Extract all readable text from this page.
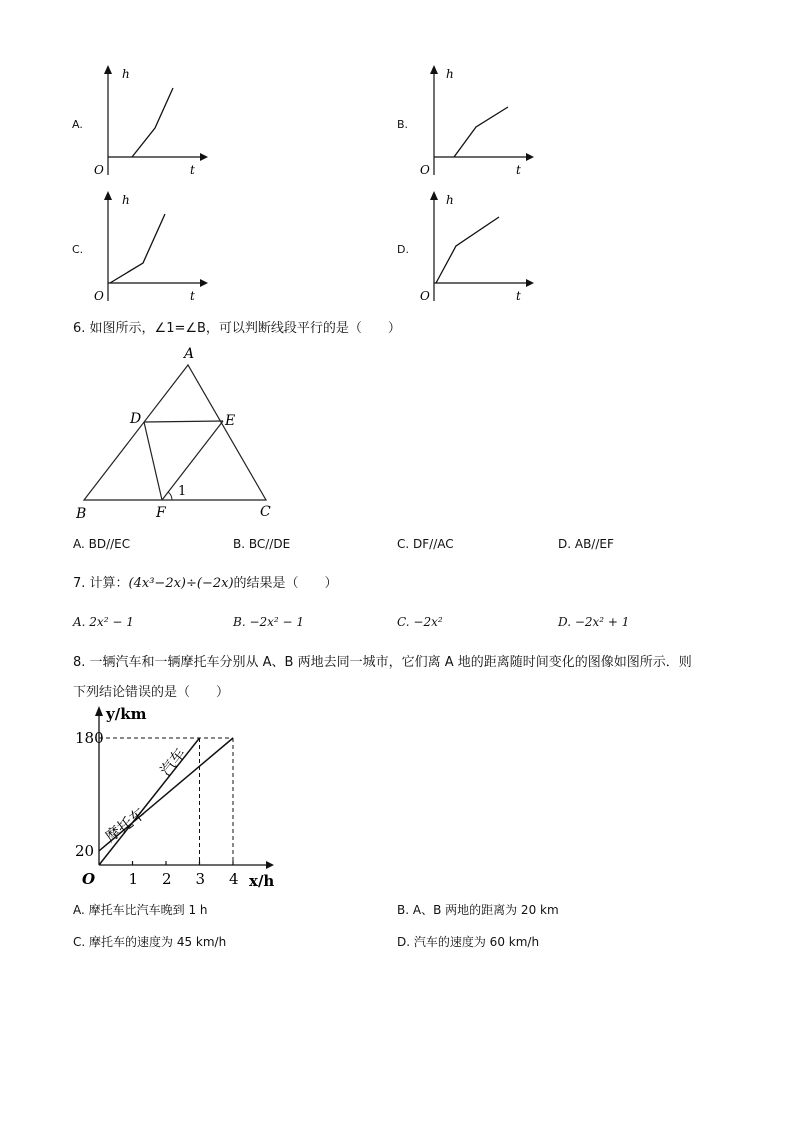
A.
h
t
O
B.
h
t
O
C.
h
t
O
D.
h
t
O
6. 如图所示，∠1=∠B，可以判断线段平行的是（　　）
A
D	E
B	F	C
1
A. BD//EC	B. BC//DE	C. DF//AC	D. AB//EF
7. 计算：(4x³−2x)÷(−2x)的结果是（　　）
A. 2x² − 1	B. −2x² − 1	C. −2x²	D. −2x² + 1
8. 一辆汽车和一辆摩托车分别从 A、B 两地去同一城市，它们离 A 地的距离随时间变化的图像如图所示．则
下列结论错误的是（　　）
y/km
x/h
O 1 2 3 4
20
180
汽车
摩托车
A. 摩托车比汽车晚到 1 h	B. A、B 两地的距离为 20 km
C. 摩托车的速度为 45 km/h	D. 汽车的速度为 60 km/h
